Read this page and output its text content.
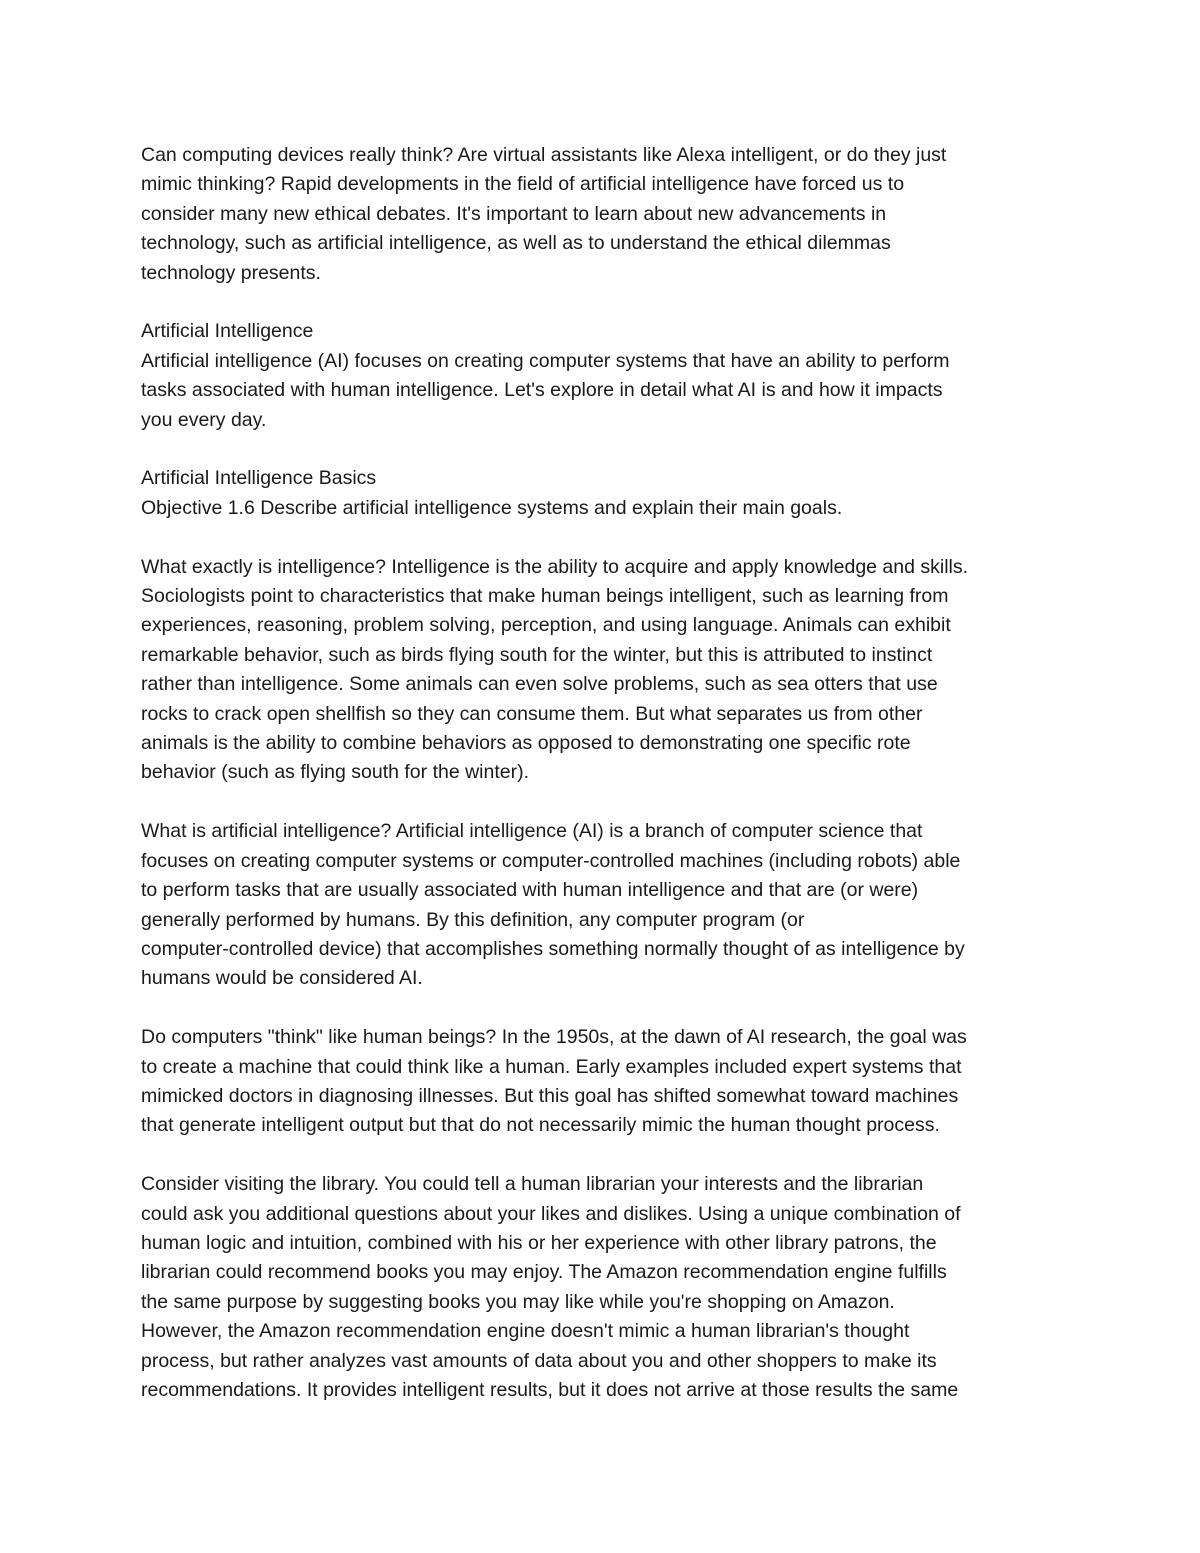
Can computing devices really think? Are virtual assistants like Alexa intelligent, or do they just
mimic thinking? Rapid developments in the field of artificial intelligence have forced us to
consider many new ethical debates. It's important to learn about new advancements in
technology, such as artificial intelligence, as well as to understand the ethical dilemmas
technology presents.
Artificial Intelligence
Artificial intelligence (AI) focuses on creating computer systems that have an ability to perform
tasks associated with human intelligence. Let's explore in detail what AI is and how it impacts
you every day.
Artificial Intelligence Basics
Objective 1.6 Describe artificial intelligence systems and explain their main goals.
What exactly is intelligence? Intelligence is the ability to acquire and apply knowledge and skills.
Sociologists point to characteristics that make human beings intelligent, such as learning from
experiences, reasoning, problem solving, perception, and using language. Animals can exhibit
remarkable behavior, such as birds flying south for the winter, but this is attributed to instinct
rather than intelligence. Some animals can even solve problems, such as sea otters that use
rocks to crack open shellfish so they can consume them. But what separates us from other
animals is the ability to combine behaviors as opposed to demonstrating one specific rote
behavior (such as flying south for the winter).
What is artificial intelligence? Artificial intelligence (AI) is a branch of computer science that
focuses on creating computer systems or computer-controlled machines (including robots) able
to perform tasks that are usually associated with human intelligence and that are (or were)
generally performed by humans. By this definition, any computer program (or
computer-controlled device) that accomplishes something normally thought of as intelligence by
humans would be considered AI.
Do computers "think" like human beings? In the 1950s, at the dawn of AI research, the goal was
to create a machine that could think like a human. Early examples included expert systems that
mimicked doctors in diagnosing illnesses. But this goal has shifted somewhat toward machines
that generate intelligent output but that do not necessarily mimic the human thought process.
Consider visiting the library. You could tell a human librarian your interests and the librarian
could ask you additional questions about your likes and dislikes. Using a unique combination of
human logic and intuition, combined with his or her experience with other library patrons, the
librarian could recommend books you may enjoy. The Amazon recommendation engine fulfills
the same purpose by suggesting books you may like while you're shopping on Amazon.
However, the Amazon recommendation engine doesn't mimic a human librarian's thought
process, but rather analyzes vast amounts of data about you and other shoppers to make its
recommendations. It provides intelligent results, but it does not arrive at those results the same
